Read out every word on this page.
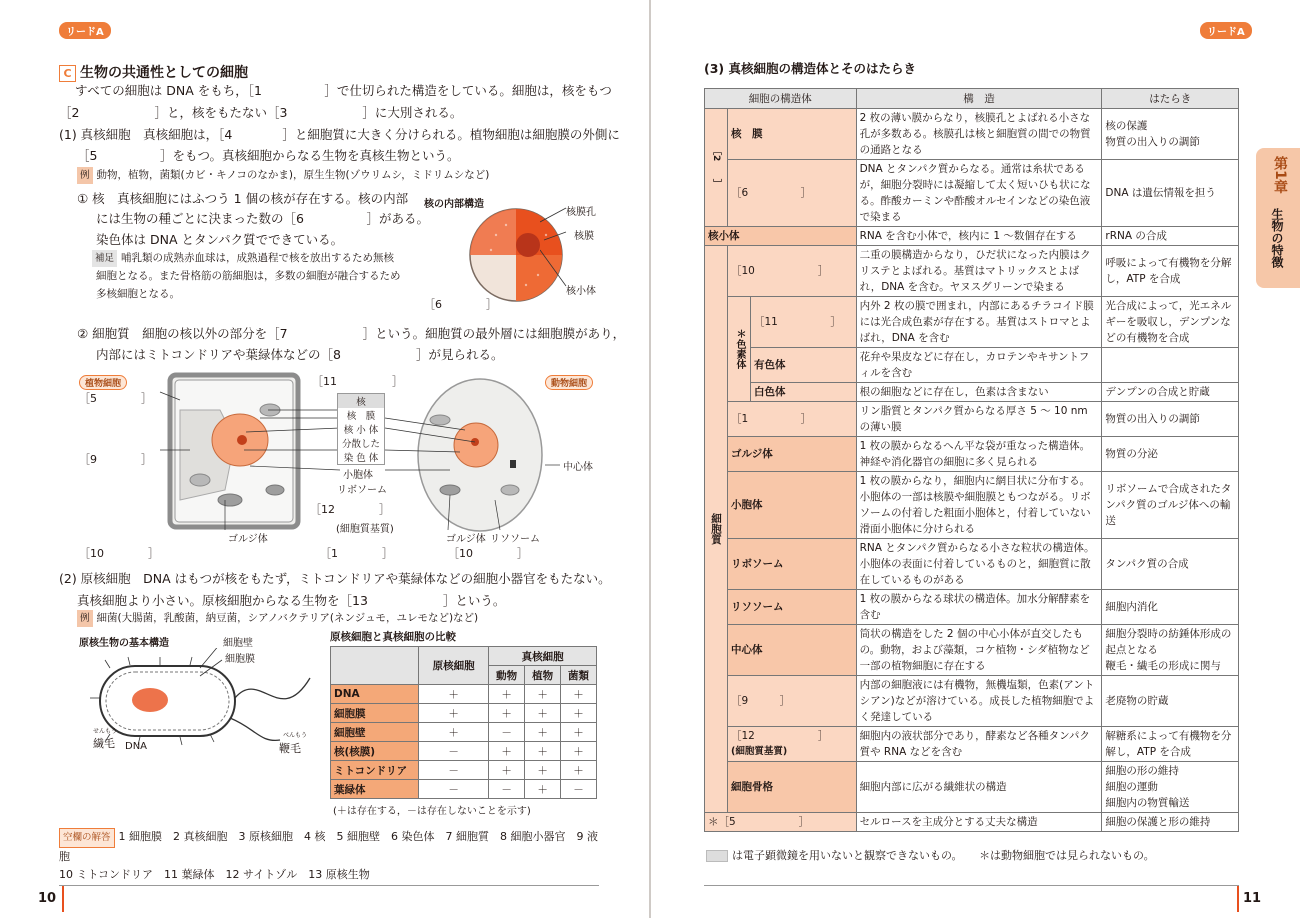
リードA
C 生物の共通性としての細胞
すべての細胞は DNA をもち，［1　　　　　］で仕切られた構造をしている。細胞は，核をもつ
［2　　　　　　］と，核をもたない［3　　　　　　］に大別される。
(1) 真核細胞　真核細胞は，［4　　　　］と細胞質に大きく分けられる。植物細胞は細胞膜の外側に
［5　　　　　］をもつ。真核細胞からなる生物を真核生物という。
例 動物，植物，菌類(カビ・キノコのなかま)，原生生物(ゾウリムシ，ミドリムシなど)
① 核　真核細胞にはふつう 1 個の核が存在する。核の内部
には生物の種ごとに決まった数の［6　　　　　］がある。
染色体は DNA とタンパク質でできている。
補足 哺乳類の成熟赤血球は，成熟過程で核を放出するため無核
細胞となる。また骨格筋の筋細胞は，多数の細胞が融合するため
多核細胞となる。
核の内部構造
核膜孔
核膜
核小体
［6　　　　］
② 細胞質　細胞の核以外の部分を［7　　　　　　］という。細胞質の最外層には細胞膜があり，
内部にはミトコンドリアや葉緑体などの［8　　　　　　］が見られる。
植物細胞	動物細胞
［11　　　　　］
［5　　　　］
［9　　　　］
［10　　　　］
［12　　　　］
［1　　　　］	［10　　　　］
核
核　膜
核 小 体
分散した
染 色 体
小胞体
リボソーム
(細胞質基質)
ゴルジ体	ゴルジ体 リソソーム
中心体
(2) 原核細胞　DNA はもつが核をもたず，ミトコンドリアや葉緑体などの細胞小器官をもたない。
真核細胞より小さい。原核細胞からなる生物を［13　　　　　　］という。
例 細菌(大腸菌，乳酸菌，納豆菌，シアノバクテリア(ネンジュモ，ユレモなど)など)
原核生物の基本構造	細胞壁
細胞膜
DNA
せんもう
繊毛
べんもう
鞭毛
原核細胞と真核細胞の比較
	原核細胞	真核細胞		
		動物	植物	菌類
DNA	＋	＋	＋	＋
細胞膜	＋	＋	＋	＋
細胞壁	＋	－	＋	＋
核(核膜)	－	＋	＋	＋
ミトコンドリア	－	＋	＋	＋
葉緑体	－	－	＋	－
(＋は存在する，－は存在しないことを示す)
空欄の解答 1 細胞膜　2 真核細胞　3 原核細胞　4 核　5 細胞壁　6 染色体　7 細胞質　8 細胞小器官　9 液胞
10 ミトコンドリア　11 葉緑体　12 サイトゾル　13 原核生物
10
リードA
(3) 真核細胞の構造体とそのはたらき
第1章
生物の特徴
細胞の構造体			構　造	はたらき
［2　　］	核　膜		2 枚の薄い膜からなり，核膜孔とよばれる小さな孔が多数ある。核膜孔は核と細胞質の間での物質の通路となる	核の保護
物質の出入りの調節
	［6　　　　　］		DNA とタンパク質からなる。通常は糸状であるが，細胞分裂時には凝縮して太く短いひも状になる。酢酸カーミンや酢酸オルセインなどの染色液で染まる	DNA は遺伝情報を担う
核小体			RNA を含む小体で，核内に 1 ～数個存在する	rRNA の合成
細胞質	［10　　　　　　］		二重の膜構造からなり，ひだ状になった内膜はクリステとよばれる。基質はマトリックスとよばれ，DNA を含む。ヤヌスグリーンで染まる	呼吸によって有機物を分解し，ATP を合成
	＊色素体	［11　　　　　］	内外 2 枚の膜で囲まれ，内部にあるチラコイド膜には光合成色素が存在する。基質はストロマとよばれ，DNA を含む	光合成によって，光エネルギーを吸収し，デンプンなどの有機物を合成
		有色体	花弁や果皮などに存在し，カロテンやキサントフィルを含む	
		白色体	根の細胞などに存在し，色素は含まない	デンプンの合成と貯蔵
	［1　　　　　］		リン脂質とタンパク質からなる厚さ 5 ～ 10 nm の薄い膜	物質の出入りの調節
	ゴルジ体		1 枚の膜からなるへん平な袋が重なった構造体。神経や消化器官の細胞に多く見られる	物質の分泌
	小胞体		1 枚の膜からなり，細胞内に網目状に分布する。小胞体の一部は核膜や細胞膜ともつながる。リボソームの付着した粗面小胞体と，付着していない滑面小胞体に分けられる	リボソームで合成されたタンパク質のゴルジ体への輸送
	リボソーム		RNA とタンパク質からなる小さな粒状の構造体。小胞体の表面に付着しているものと，細胞質に散在しているものがある	タンパク質の合成
	リソソーム		1 枚の膜からなる球状の構造体。加水分解酵素を含む	細胞内消化
	中心体		筒状の構造をした 2 個の中心小体が直交したもの。動物，および藻類，コケ植物・シダ植物など一部の植物細胞に存在する	細胞分裂時の紡錘体形成の起点となる
鞭毛・繊毛の形成に関与
	［9　　　］		内部の細胞液には有機物，無機塩類，色素(アントシアン)などが溶けている。成長した植物細胞でよく発達している	老廃物の貯蔵

	［12　　　　　　］
(細胞質基質)		細胞内の液状部分であり，酵素など各種タンパク質や RNA などを含む	解糖系によって有機物を分解し，ATP を合成
	細胞骨格		細胞内部に広がる繊維状の構造	細胞の形の維持
細胞の運動
細胞内の物質輸送
＊［5　　　　　　］			セルロースを主成分とする丈夫な構造	細胞の保護と形の維持
は電子顕微鏡を用いないと観察できないもの。　　 ＊は動物細胞では見られないもの。
11
